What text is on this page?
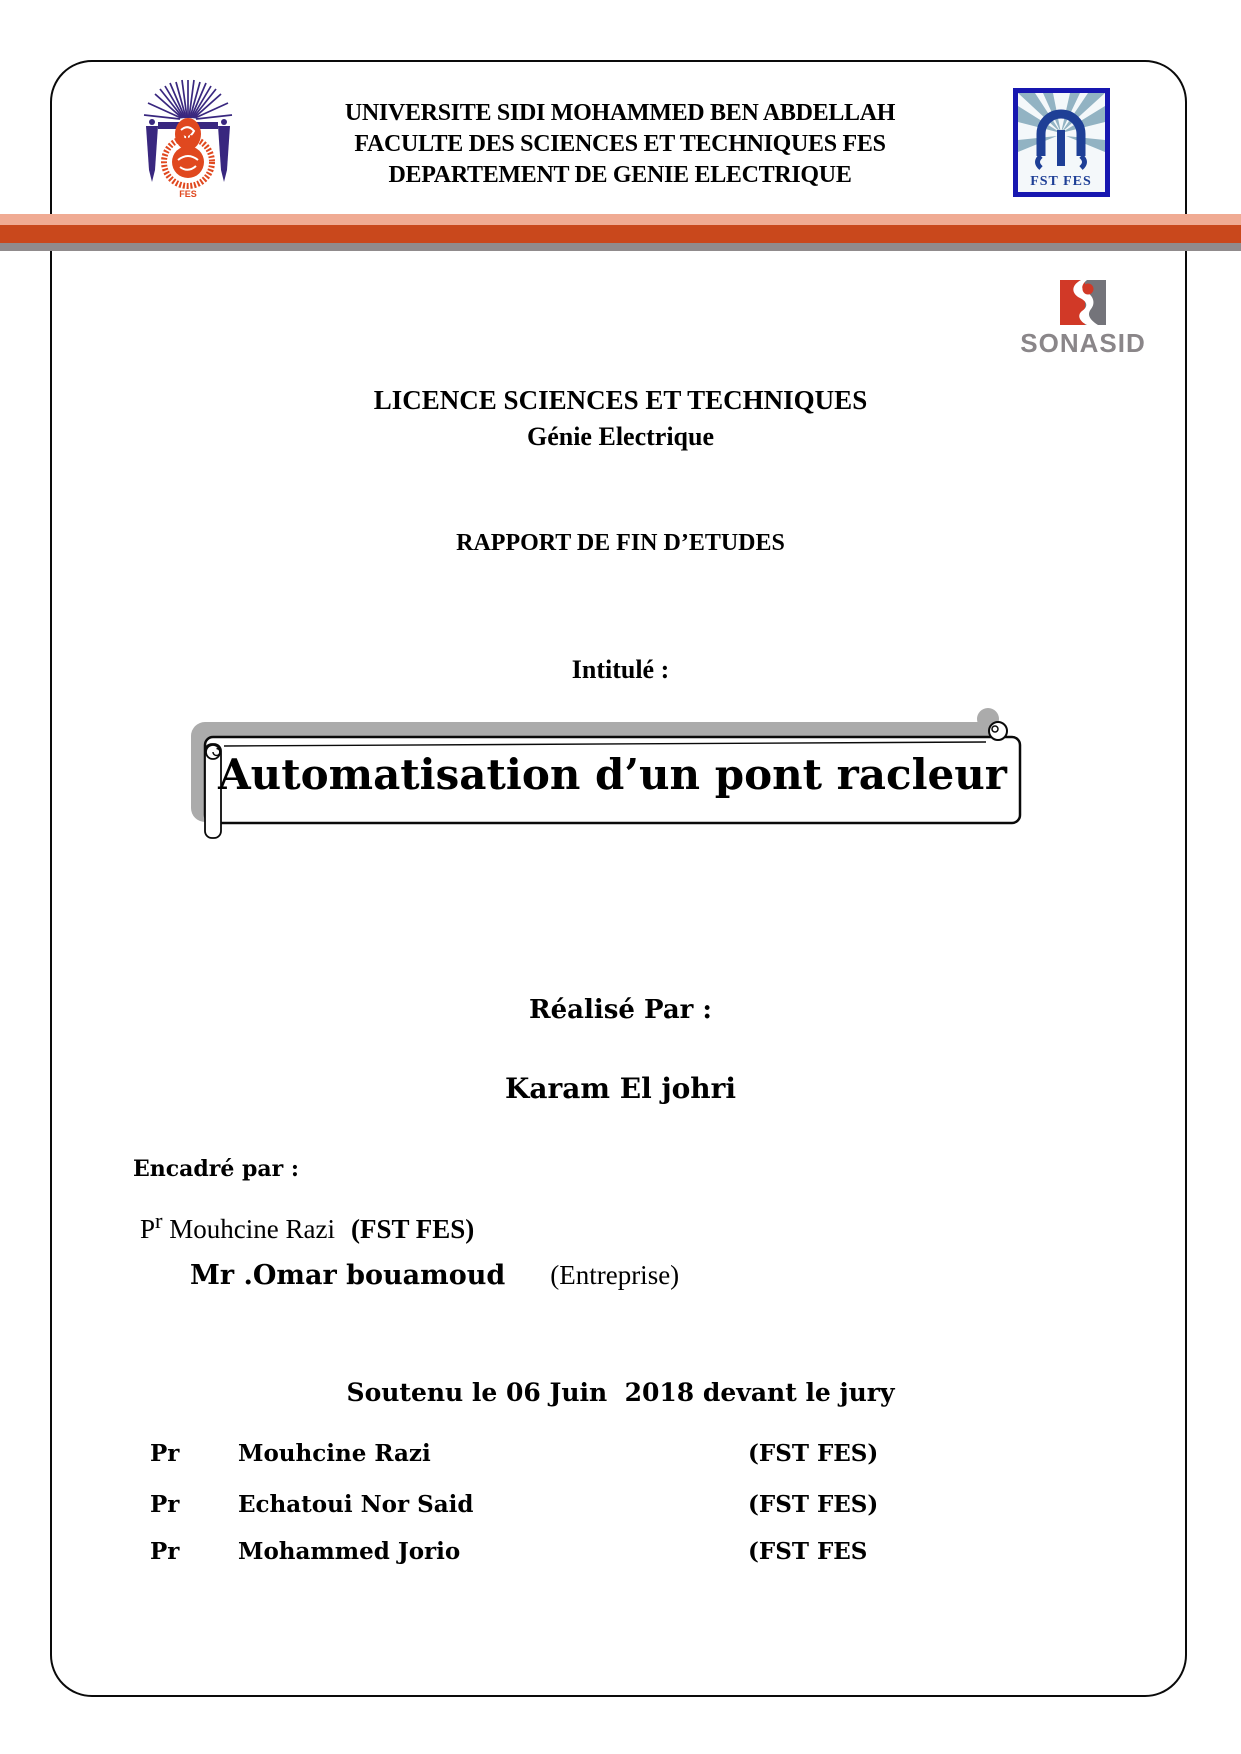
FES
UNIVERSITE SIDI MOHAMMED BEN ABDELLAH
FACULTE DES SCIENCES ET TECHNIQUES FES
DEPARTEMENT DE GENIE ELECTRIQUE	FST FES
SONASID
LICENCE SCIENCES ET TECHNIQUES
Génie Electrique
RAPPORT DE FIN D’ETUDES
Intitulé :
Automatisation d’un pont racleur
Réalisé Par :
Karam El johri
Encadré par :
$P^r$ Mouhcine Razi (FST FES)
Mr .Omar bouamoud (Entreprise)
Soutenu le 06 Juin  2018 devant le jury
Pr	Mouhcine Razi	(FST FES)
Pr	Echatoui Nor Said	(FST FES)
Pr	Mohammed Jorio	(FST FES
